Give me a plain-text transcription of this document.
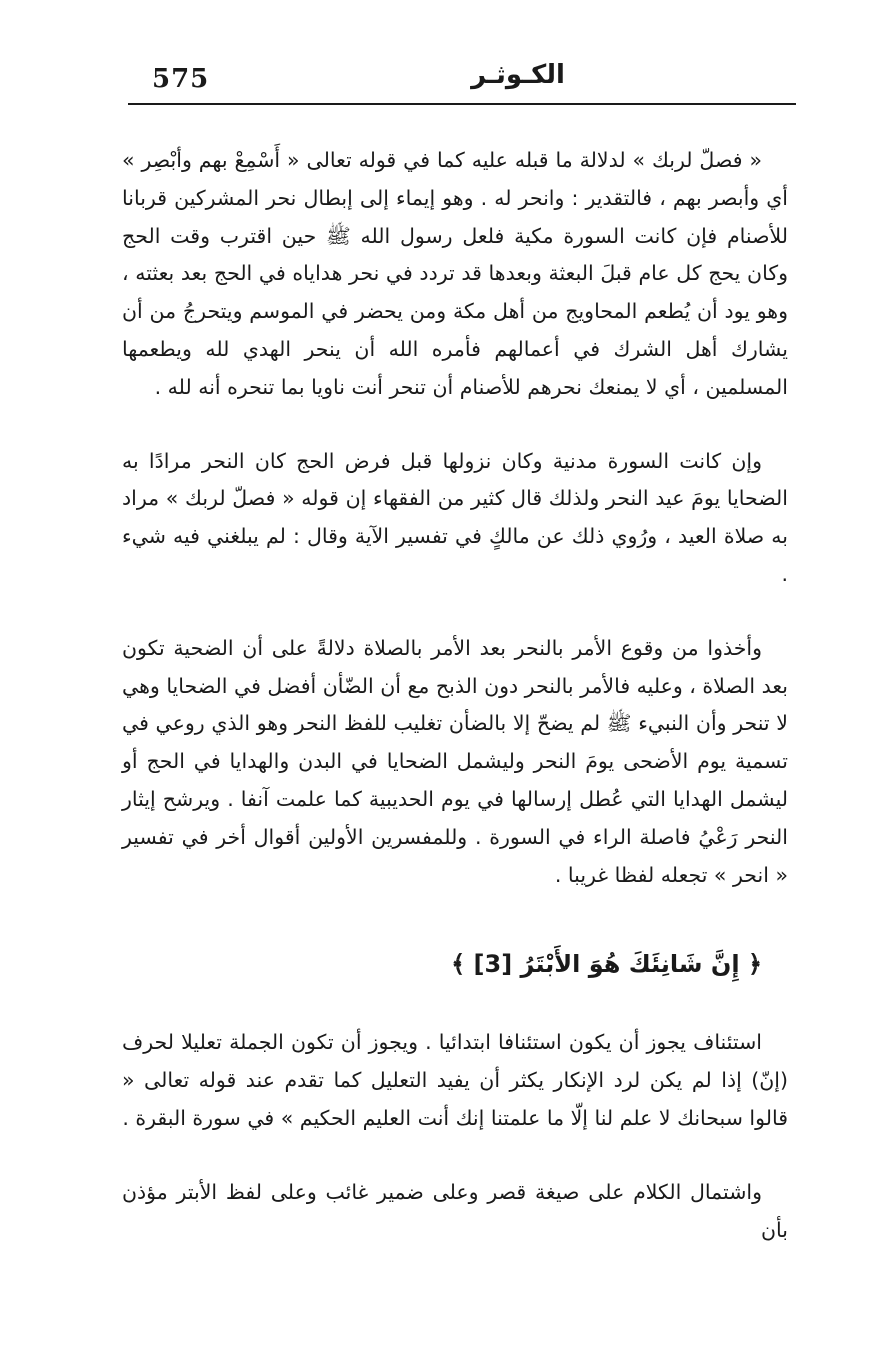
575	الكـوثـر

« فصلّ لربك » لدلالة ما قبله عليه كما في قوله تعالى « أَسْمِعْ بهم وأبْصِر » أي وأبصر بهم ، فالتقدير : وانحر له . وهو إيماء إلى إبطال نحر المشركين قربانا للأصنام فإن كانت السورة مكية فلعل رسول الله ﷺ حين اقترب وقت الحج وكان يحج كل عام قبلَ البعثة وبعدها قد تردد في نحر هداياه في الحج بعد بعثته ، وهو يود أن يُطعم المحاويج من أهل مكة ومن يحضر في الموسم ويتحرجُ من أن يشارك أهل الشرك في أعمالهم فأمره الله أن ينحر الهدي لله ويطعمها المسلمين ، أي لا يمنعك نحرهم للأصنام أن تنحر أنت ناويا بما تنحره أنه لله .

وإن كانت السورة مدنية وكان نزولها قبل فرض الحج كان النحر مرادًا به الضحايا يومَ عيد النحر ولذلك قال كثير من الفقهاء إن قوله « فصلّ لربك » مراد به صلاة العيد ، ورُوي ذلك عن مالكٍ في تفسير الآية وقال : لم يبلغني فيه شيء .

وأخذوا من وقوع الأمر بالنحر بعد الأمر بالصلاة دلالةً على أن الضحية تكون بعد الصلاة ، وعليه فالأمر بالنحر دون الذبح مع أن الضّأن أفضل في الضحايا وهي لا تنحر وأن النبيء ﷺ لم يضحّ إلا بالضأن تغليب للفظ النحر وهو الذي روعي في تسمية يوم الأضحى يومَ النحر وليشمل الضحايا في البدن والهدايا في الحج أو ليشمل الهدايا التي عُطل إرسالها في يوم الحديبية كما علمت آنفا . ويرشح إيثار النحر رَعْيُ فاصلة الراء في السورة . وللمفسرين الأولين أقوال أخر في تفسير « انحر » تجعله لفظا غريبا .

﴿ إِنَّ شَانِئَكَ هُوَ الأَبْتَرُ [3] ﴾

استئناف يجوز أن يكون استئنافا ابتدائيا . ويجوز أن تكون الجملة تعليلا لحرف (إنّ) إذا لم يكن لرد الإنكار يكثر أن يفيد التعليل كما تقدم عند قوله تعالى « قالوا سبحانك لا علم لنا إلّا ما علمتنا إنك أنت العليم الحكيم » في سورة البقرة .

واشتمال الكلام على صيغة قصر وعلى ضمير غائب وعلى لفظ الأبتر مؤذن بأن
